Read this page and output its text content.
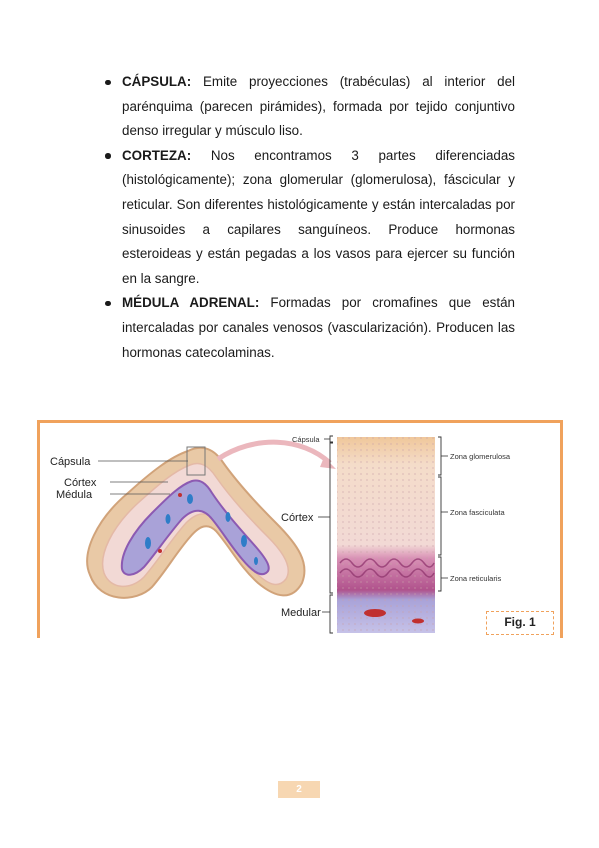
CÁPSULA: Emite proyecciones (trabéculas) al interior del parénquima (parecen pirámides), formada por tejido conjuntivo denso irregular y músculo liso.
CORTEZA: Nos encontramos 3 partes diferenciadas (histológicamente); zona glomerular (glomerulosa), fáscicular y reticular. Son diferentes histológicamente y están intercaladas por sinusoides a capilares sanguíneos. Produce hormonas esteroideas y están pegadas a los vasos para ejercer su función en la sangre.
MÉDULA ADRENAL: Formadas por cromafines que están intercaladas por canales venosos (vascularización). Producen las hormonas catecolaminas.
Cápsula
Córtex
Médula
Cápsula
Córtex
Medular
Zona glomerulosa
Zona fasciculata
Zona reticularis
Fig. 1
2
